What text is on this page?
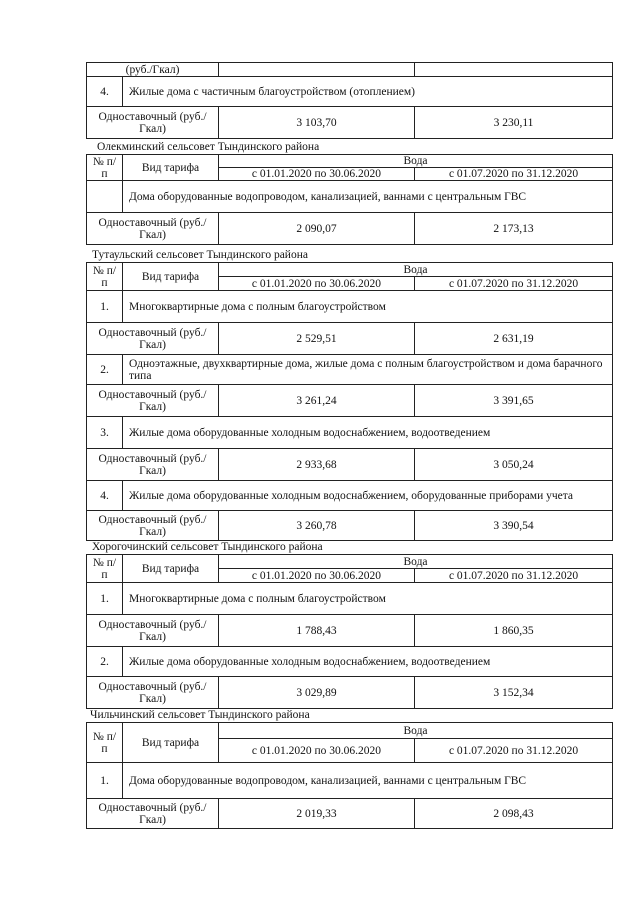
(руб./Гкал)			
4.	Жилые дома с частичным благоустройством (отоплением)		
Одноставочный (руб./Гкал)		3 103,70	3 230,11
Олекминский сельсовет Тындинского района
№ п/п	Вид тарифа	Вода	
		с 01.01.2020 по 30.06.2020	с 01.07.2020 по 31.12.2020
	Дома оборудованные водопроводом, канализацией, ваннами с центральным ГВС		
Одноставочный (руб./Гкал)		2 090,07	2 173,13
Тутаульский сельсовет Тындинского района
№ п/п	Вид тарифа	Вода	
		с 01.01.2020 по 30.06.2020	с 01.07.2020 по 31.12.2020
1.	Многоквартирные дома с полным благоустройством		
Одноставочный (руб./Гкал)		2 529,51	2 631,19
2.	Одноэтажные, двухквартирные дома, жилые дома с полным благоустройством и дома барачного типа		
Одноставочный (руб./Гкал)		3 261,24	3 391,65
3.	Жилые дома оборудованные холодным водоснабжением, водоотведением		
Одноставочный (руб./Гкал)		2 933,68	3 050,24
4.	Жилые дома оборудованные холодным водоснабжением, оборудованные приборами учета		
Одноставочный (руб./Гкал)		3 260,78	3 390,54
Хорогочинский сельсовет Тындинского района
№ п/п	Вид тарифа	Вода	
		с 01.01.2020 по 30.06.2020	с 01.07.2020 по 31.12.2020
1.	Многоквартирные дома с полным благоустройством		
Одноставочный (руб./Гкал)		1 788,43	1 860,35
2.	Жилые дома оборудованные холодным водоснабжением, водоотведением		
Одноставочный (руб./Гкал)		3 029,89	3 152,34
Чильчинский сельсовет Тындинского района
№ п/п	Вид тарифа	Вода	
		с 01.01.2020 по 30.06.2020	с 01.07.2020 по 31.12.2020
1.	Дома оборудованные водопроводом, канализацией, ваннами с центральным ГВС		
Одноставочный (руб./Гкал)		2 019,33	2 098,43
